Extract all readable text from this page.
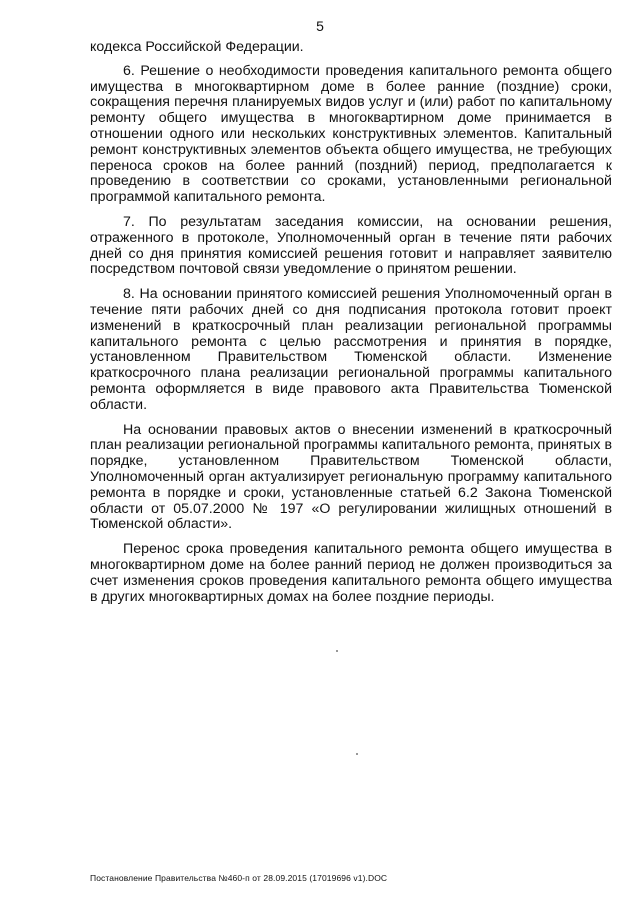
5

кодекса Российской Федерации.

6. Решение о необходимости проведения капитального ремонта общего имущества в многоквартирном доме в более ранние (поздние) сроки, сокращения перечня планируемых видов услуг и (или) работ по капитальному ремонту общего имущества в многоквартирном доме принимается в отношении одного или нескольких конструктивных элементов. Капитальный ремонт конструктивных элементов объекта общего имущества, не требующих переноса сроков на более ранний (поздний) период, предполагается к проведению в соответствии со сроками, установленными региональной программой капитального ремонта.

7. По результатам заседания комиссии, на основании решения, отраженного в протоколе, Уполномоченный орган в течение пяти рабочих дней со дня принятия комиссией решения готовит и направляет заявителю посредством почтовой связи уведомление о принятом решении.

8. На основании принятого комиссией решения Уполномоченный орган в течение пяти рабочих дней со дня подписания протокола готовит проект изменений в краткосрочный план реализации региональной программы капитального ремонта с целью рассмотрения и принятия в порядке, установленном Правительством Тюменской области. Изменение краткосрочного плана реализации региональной программы капитального ремонта оформляется в виде правового акта Правительства Тюменской области.

На основании правовых актов о внесении изменений в краткосрочный план реализации региональной программы капитального ремонта, принятых в порядке, установленном Правительством Тюменской области, Уполномоченный орган актуализирует региональную программу капитального ремонта в порядке и сроки, установленные статьей 6.2 Закона Тюменской области от 05.07.2000 № 197 «О регулировании жилищных отношений в Тюменской области».

Перенос срока проведения капитального ремонта общего имущества в многоквартирном доме на более ранний период не должен производиться за счет изменения сроков проведения капитального ремонта общего имущества в других многоквартирных домах на более поздние периоды.

Постановление Правительства №460-п от 28.09.2015 (17019696 v1).DOC
